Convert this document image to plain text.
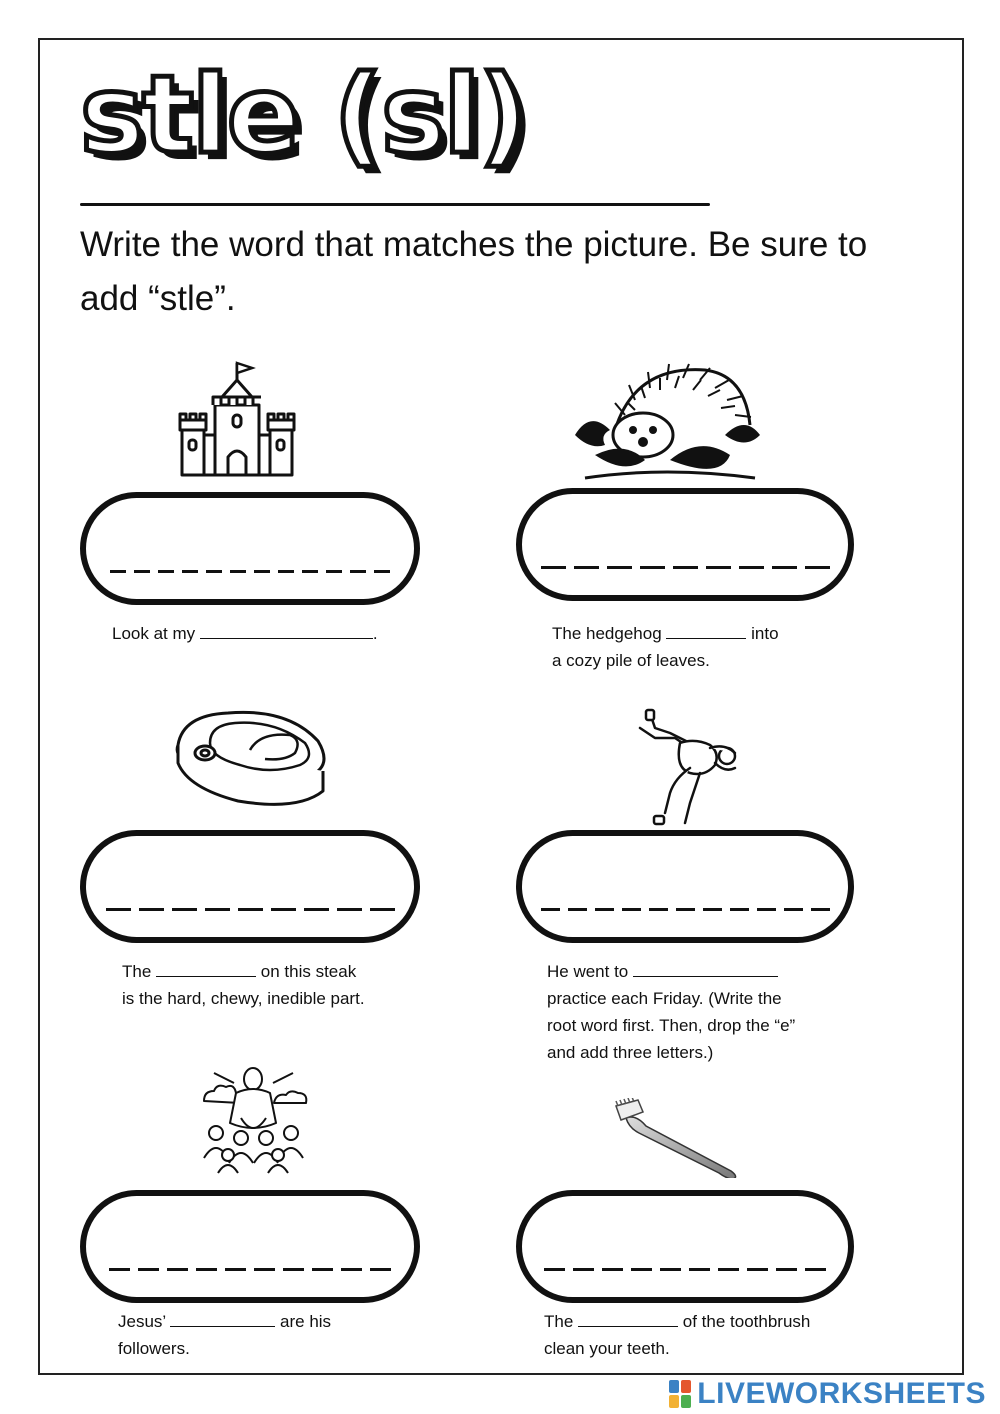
stle (sl)
Write the word that matches the picture. Be sure to add “stle”.
Look at my	.	The hedgehog	into
a cozy pile of leaves.
The	on this steak
is the hard, chewy, inedible part.
He went to
practice each Friday. (Write the
root word first. Then, drop the “e”
and add three letters.)
Jesus’	are his
followers.
The	of the toothbrush
clean your teeth.
LIVEWORKSHEETS
